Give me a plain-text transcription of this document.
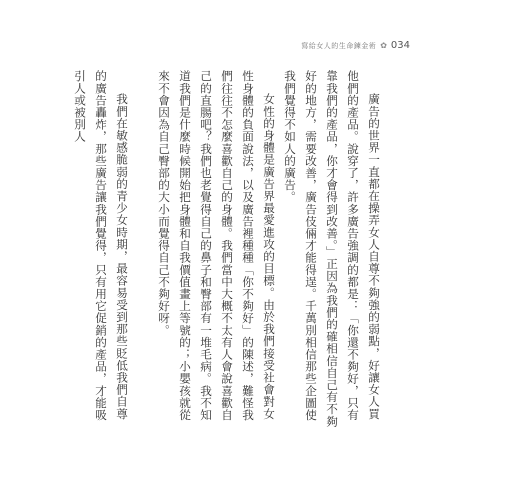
寫給女人的生命鍊金術 ✿ 034

廣告的世界一直都在操弄女人自尊不夠強的弱點，好讓女人買他們的產品。說穿了，許多廣告強調的都是：「你還不夠好，只有靠我們的產品，你才會得到改善。」正因為我們的確相信自己有不夠好的地方，需要改善，廣告伎倆才能得逞。千萬別相信那些企圖使我們覺得不如人的廣告。

女性的身體是廣告界最愛進攻的目標。由於我們接受社會對女性身體的負面說法，以及廣告裡種種「你不夠好」的陳述，難怪我們往往不怎麼喜歡自己的身體。我們當中大概不太有人會說喜歡自己的直腸吧？我們也老覺得自己的鼻子和臀部有一堆毛病。我不知道我們是什麼時候開始把身體和自我價值畫上等號的；小嬰孩就從來不會因為自己臀部的大小而覺得自己不夠好呀。

我們在敏感脆弱的青少女時期，最容易受到那些貶低我們自尊的廣告轟炸，那些廣告讓我們覺得，只有用它促銷的產品，才能吸引人或被別人
